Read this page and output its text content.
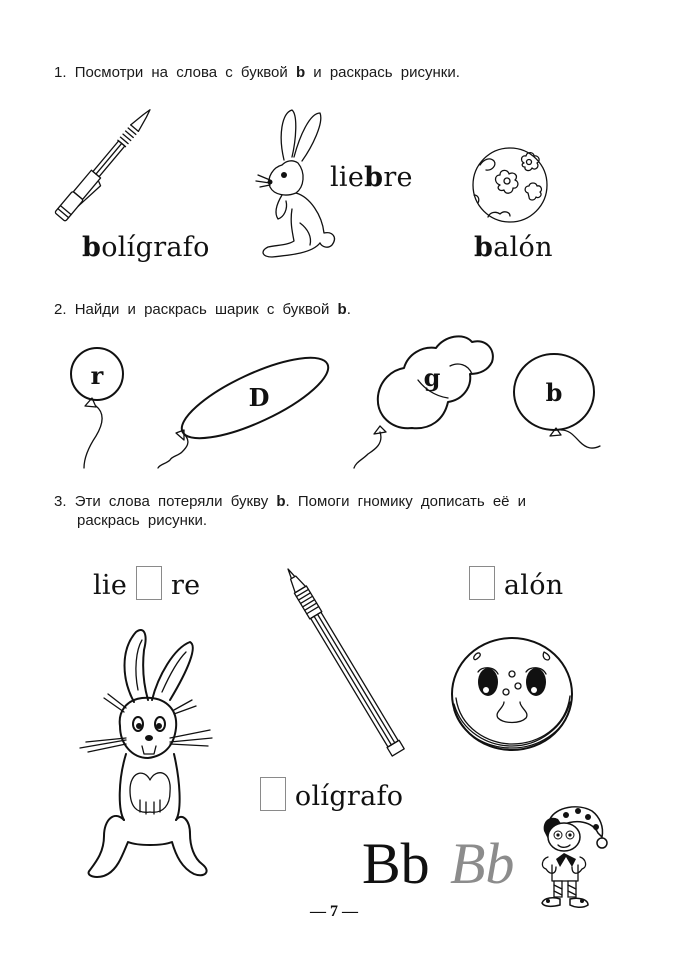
1. Посмотри на слова с буквой b и раскрась рисунки.
bolígrafo
liebre
balón
2. Найди и раскрась шарик с буквой b.
r
D
g
b
3. Эти слова потеряли букву b. Помоги гномику дописать её и
раскрась рисунки.
lie re	alón
olígrafo
Bb Bb
— 7 —
